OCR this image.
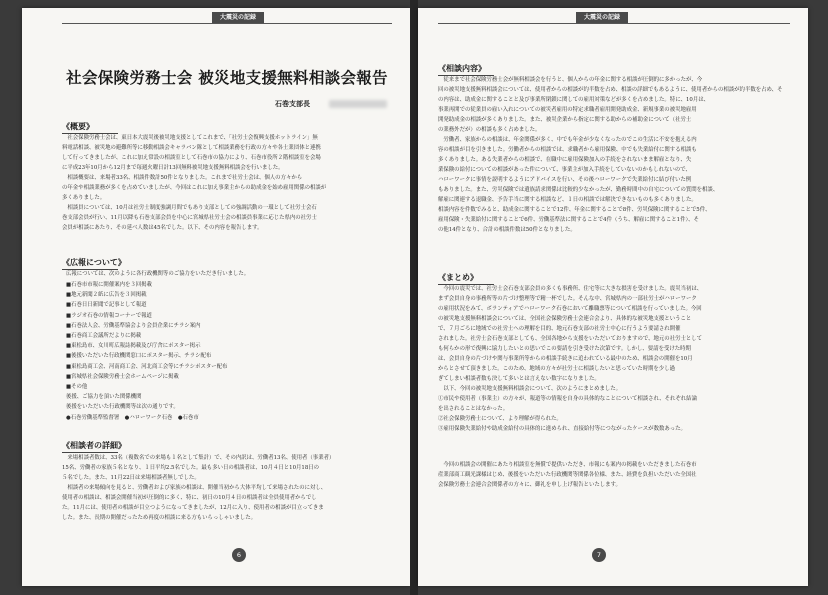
大震災の記録
社会保険労務士会 被災地支援無料相談会報告
石巻支部長
《概要》
社会保険労務士会は、東日本大震災後被災地支援としてこれまで、「社労士会復興支援ホットライン」無
料電話相談、被災地の避難所等に移動相談会キャラバン隊として相談業務を行政の方々や各士業団体と連携
して行ってきましたが、これに加え常設の相談室として石巻市の協力により、石巻市役所２階相談室を会場
に平成23年10月から12月まで毎週火曜日計13回無料被災地支援無料相談会を行いました。
相談概要は、来場者33名、相談件数計50件となりました。これまで社労士会は、個人の方々から
の年金や相談業務が多くを占めていましたが、今回はこれに加え事業主からの助成金を始め雇用関係の相談が
多くありました。
相談員については、10月は社労士制度強調月間でもあり支部としての強調活動の一環として社労士会石
巻支部会員が行い、11月以降も石巻支部会員を中心に宮城県社労士会の相談員事業に応じた県内の社労士
会員が相談にあたり、その延べ人数は45名でした。以下、その内容を報告します。
《広報について》
広報については、次のように各行政機関等のご協力をいただき行いました。
■石巻市市報に開催案内を３回掲載
■地元新聞２紙に広告を３回掲載
■石巻日日新聞で記事として報道
■ラジオ石巻の情報コーナーで報道
■石巻法人会、労働基準協会より会員企業にチラシ案内
■石巻商工会議所だよりに掲載
■東松島市、女川町広報誌掲載及び庁舎にポスター掲示
■後援いただいた行政機関窓口にポスター掲示、チラシ配布
■東松島商工会、河南商工会、河北商工会等にチラシポスター配布
■宮城県社会保険労務士会ホームページに掲載
■その他
後援、ご協力を頂いた関係機関
後援をいただいた行政機関等は次の通りです。
●石巻労働基準監督署　●ハローワーク石巻　●石巻市
《相談者の詳細》
来場相談者数は、33名（複数名での来場も１名として集計）で、その内訳は、労働者13名、使用者（事業者）
15名、労働者の家族５名となり、１日平均2.5名でした。最も多い日の相談者は、10月４日と10月18日の
５名でした。また、11月22日は来場相談者無しでした。
相談者の来場傾向を見ると、労働者および家族の相談は、開催当初から大体平均して来場されたのに対し、
使用者の相談は、相談会開催当初が圧倒的に多く、特に、初日の10月４日の相談者は全員使用者からでし
た。11月には、使用者の相談が目立つようになってきましたが、12月に入り、使用者の相談が目立ってきま
した。また、長期の開催だったため再度の相談に来る方もいらっしゃいました。
6
大震災の記録
《相談内容》
従来まで社会保険労務士会が無料相談会を行うと、個人からの年金に関する相談が圧倒的に多かったが、今
回の被災地支援無料相談会については、使用者からの相談が約半数を占め、相談の詳細でもあるように、使用者からの相談が約半数を占め、そ
の内容は、助成金に関することと及び事業所閉鎖に関しての雇用対策などが多くを占めました。特に、10月は、
事業再開での従業員の雇い入れについての被災者雇用の特定求職者雇用開発助成金、新規事業の被災地雇用
開発助成金の相談が多くありました。また、被災企業から指定に関する助からの補助金について（社労士
の業務外だが）の相談も多く占めました。
労働者、家族からの相談は、年金関係が多く、中でも年金が少なくなったのでこの生活に不安を抱える内
容の相談が目を引きました。労働者からの相談では、求職者から雇用保険、中でも失業給付に関する相談も
多くありました。ある失業者からの相談で、在職中に雇用保険加入の手続をされないまま解雇となり、失
業保険の給付についての相談があった件について、事業主が加入手続をしていないのかもしれないので、
ハローワークに事情を説明するようにアドバイスを行い、その後ハローワークで失業給付に結び付いた例
もありました。また、労災保険では遺族請求関係は比較的少なかったが、勤務時間中の自宅についての質問を相談、
解雇に関連する退職金、予告手当に関する相談など、１日の相談では解決できないものも多くありました。
相談内容を件数でみると、助成金に関することで12件、年金に関することで8件、労災保険に関することで5件、
雇用保険・失業給付に関することで6件、労働基準法に関することで4件（うち、解雇に関すること1件）、そ
の他14件となり、合計の相談件数は50件となりました。
《まとめ》
今回の震災では、社労士会石巻支部会員の多くも事務所、住宅等に大きな損害を受けました。震災当初は、
まず会員自身の事務所等の片づけ整理等で精一杯でした。そんな中、宮城県内の一部社労士がハローワーク
の雇用状況をみて、ボランティアでハローワーク石巻において離職票等について相談を行っていました。今回
の被災地支援無料相談会については、全国社会保険労務士会連合会より、具体的な被災地支援ということ
で、７月ごろに地域での社労士への理解を目的、地元石巻支部の社労士中心に行うよう要請され開催
されました。社労士会石巻支部としても、全国各地から支援をいただいておりますので、地元の社労士として
も何らかの形で復興に協力したいとの思いでこの要請を引き受けた次第です。しかし、要請を受けた時期
は、会員自身の片づけや関与事業所等からの相談手続きに追われている最中のため、相談会の開催を10月
からとさせて頂きました。このため、地域の方々が社労士に相談したいと思っていた時期を少し過
ぎてしまい相談者数も決して多いとは言えない数字になりました。
以下、今回の被災地支援無料相談会について、次のようにまとめました。
①市民や使用者（事業主）の方々が、報道等の情報を自身の具体的なことについて相談され、それぞれ結論
を出されることはなかった。
②社会保険労務士について、より理解が得られた。
③雇用保険失業給付や助成金給付の具体的に進められ、直接給付等につながったケースが数数あった。
今回の相談会の開催にあたり相談室を無償で提供いただき、市報にも案内の掲載をいただきました石巻市
産業部商工観光課様はじめ、後援をいただいた行政機関等関係各位様、また、経費を負担いただいた全国社
会保険労務士会連合会関係者の方々に、御礼を申し上げ報告といたします。
7
